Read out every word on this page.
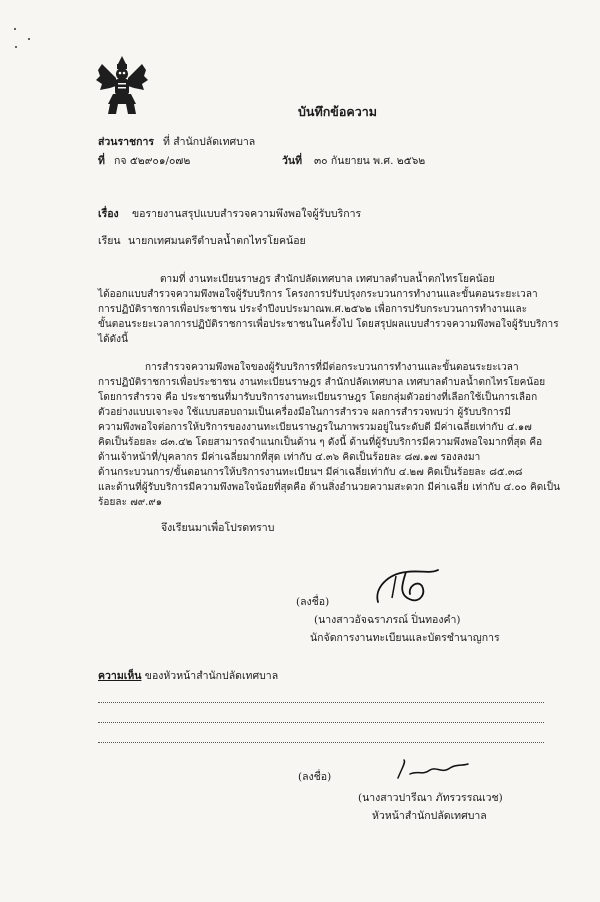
บันทึกข้อความ
ส่วนราชการ ที่ สำนักปลัดเทศบาล
ที่ กจ ๕๒๙๐๑/๐๗๒	วันที่ ๓๐ กันยายน พ.ศ. ๒๕๖๒
เรื่อง ขอรายงานสรุปแบบสำรวจความพึงพอใจผู้รับบริการ
เรียน นายกเทศมนตรีตำบลน้ำตกไทรโยคน้อย
ตามที่ งานทะเบียนราษฎร สำนักปลัดเทศบาล เทศบาลตำบลน้ำตกไทรโยคน้อย
ได้ออกแบบสำรวจความพึงพอใจผู้รับบริการ โครงการปรับปรุงกระบวนการทำงานและขั้นตอนระยะเวลา
การปฏิบัติราชการเพื่อประชาชน ประจำปีงบประมาณพ.ศ.๒๕๖๒ เพื่อการปรับกระบวนการทำงานและ
ขั้นตอนระยะเวลาการปฏิบัติราชการเพื่อประชาชนในครั้งไป โดยสรุปผลแบบสำรวจความพึงพอใจผู้รับบริการ
ได้ดังนี้
การสำรวจความพึงพอใจของผู้รับบริการที่มีต่อกระบวนการทำงานและขั้นตอนระยะเวลา
การปฏิบัติราชการเพื่อประชาชน งานทะเบียนราษฎร สำนักปลัดเทศบาล เทศบาลตำบลน้ำตกไทรโยคน้อย
โดยการสำรวจ คือ ประชาชนที่มารับบริการงานทะเบียนราษฎร โดยกลุ่มตัวอย่างที่เลือกใช้เป็นการเลือก
ตัวอย่างแบบเจาะจง ใช้แบบสอบถามเป็นเครื่องมือในการสำรวจ ผลการสำรวจพบว่า ผู้รับบริการมี
ความพึงพอใจต่อการให้บริการของงานทะเบียนราษฎรในภาพรวมอยู่ในระดับดี มีค่าเฉลี่ยเท่ากับ ๔.๑๗
คิดเป็นร้อยละ ๘๓.๔๒ โดยสามารถจำแนกเป็นด้าน ๆ ดังนี้ ด้านที่ผู้รับบริการมีความพึงพอใจมากที่สุด คือ
ด้านเจ้าหน้าที่/บุคลากร มีค่าเฉลี่ยมากที่สุด เท่ากับ ๔.๓๖ คิดเป็นร้อยละ ๘๗.๑๗ รองลงมา
ด้านกระบวนการ/ขั้นตอนการให้บริการงานทะเบียนฯ มีค่าเฉลี่ยเท่ากับ ๔.๒๗ คิดเป็นร้อยละ ๘๕.๓๘
และด้านที่ผู้รับบริการมีความพึงพอใจน้อยที่สุดคือ ด้านสิ่งอำนวยความสะดวก มีค่าเฉลี่ย เท่ากับ ๔.๐๐ คิดเป็น
ร้อยละ ๗๙.๙๑
จึงเรียนมาเพื่อโปรดทราบ
(ลงชื่อ)
(นางสาวอัจฉราภรณ์ ปิ่นทองคำ)
นักจัดการงานทะเบียนและบัตรชำนาญการ
ความเห็น ของหัวหน้าสำนักปลัดเทศบาล
(ลงชื่อ)
(นางสาวปารีณา ภัทรวรรณเวช)
หัวหน้าสำนักปลัดเทศบาล
